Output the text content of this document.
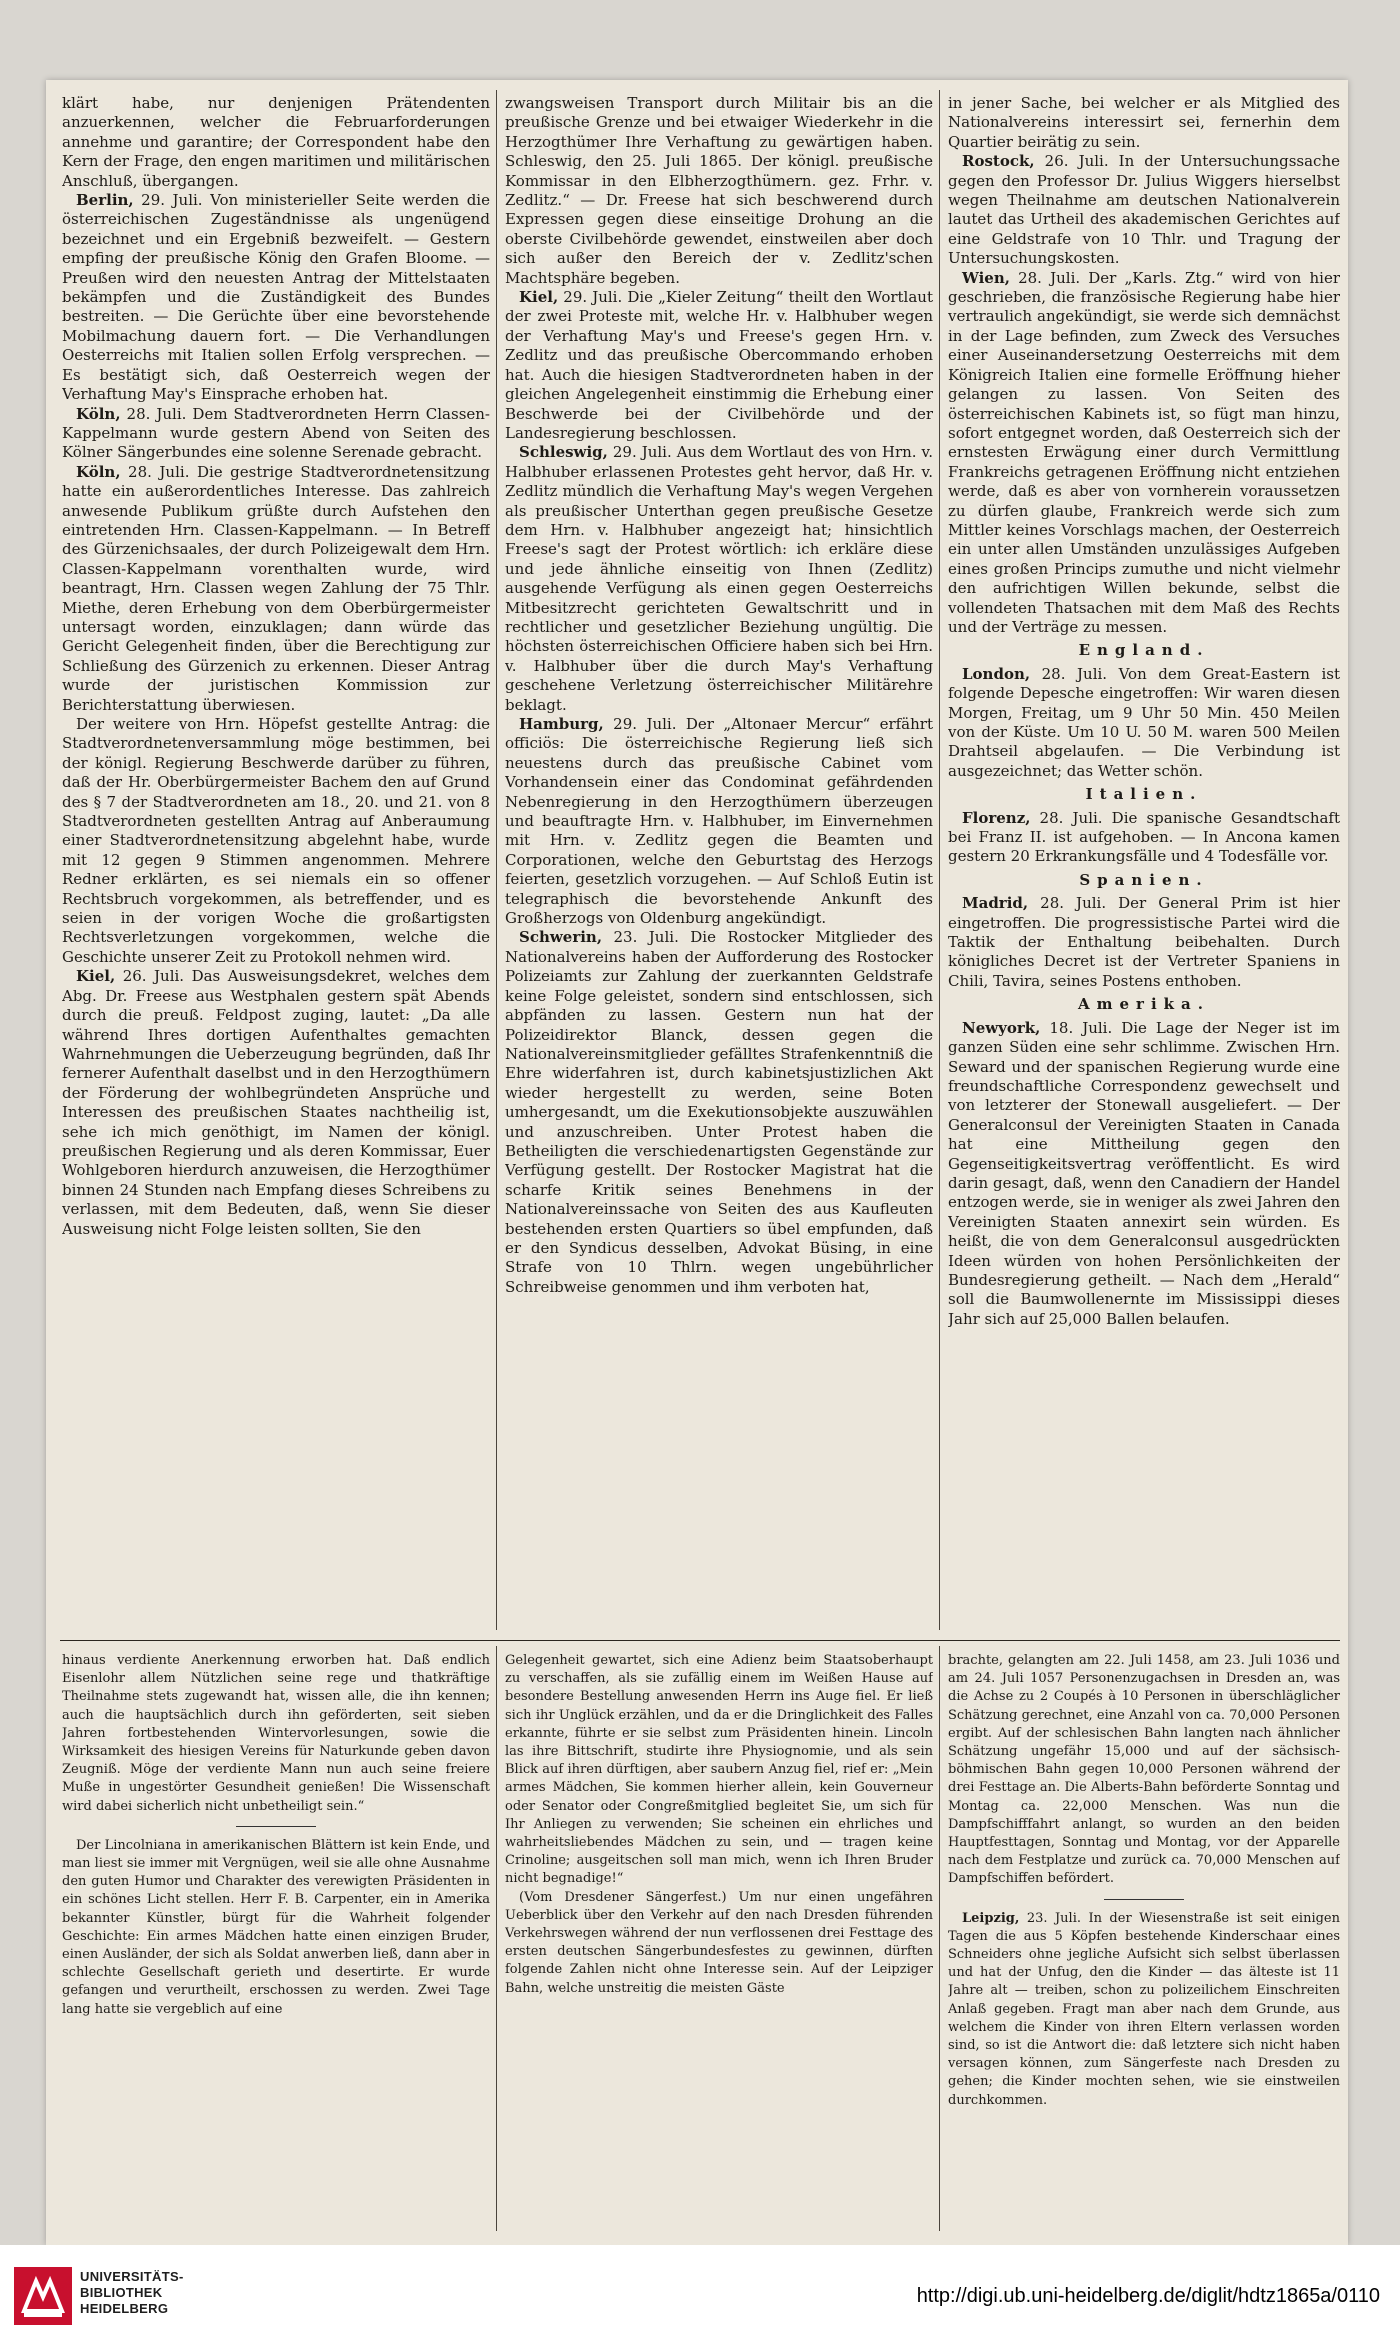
klärt habe, nur denjenigen Prätendenten anzuerkennen, welcher die Februarforderungen annehme und garantire; der Correspondent habe den Kern der Frage, den engen maritimen und militärischen Anschluß, übergangen.

Berlin, 29. Juli. Von ministerieller Seite werden die österreichischen Zugeständnisse als ungenügend bezeichnet und ein Ergebniß bezweifelt. — Gestern empfing der preußische König den Grafen Bloome. — Preußen wird den neuesten Antrag der Mittelstaaten bekämpfen und die Zuständigkeit des Bundes bestreiten. — Die Gerüchte über eine bevorstehende Mobilmachung dauern fort. — Die Verhandlungen Oesterreichs mit Italien sollen Erfolg versprechen. — Es bestätigt sich, daß Oesterreich wegen der Verhaftung May's Einsprache erhoben hat.

Köln, 28. Juli. Dem Stadtverordneten Herrn Classen-Kappelmann wurde gestern Abend von Seiten des Kölner Sängerbundes eine solenne Serenade gebracht.

Köln, 28. Juli. Die gestrige Stadtverordnetensitzung hatte ein außerordentliches Interesse. Das zahlreich anwesende Publikum grüßte durch Aufstehen den eintretenden Hrn. Classen-Kappelmann. — In Betreff des Gürzenichsaales, der durch Polizeigewalt dem Hrn. Classen-Kappelmann vorenthalten wurde, wird beantragt, Hrn. Classen wegen Zahlung der 75 Thlr. Miethe, deren Erhebung von dem Oberbürgermeister untersagt worden, einzuklagen; dann würde das Gericht Gelegenheit finden, über die Berechtigung zur Schließung des Gürzenich zu erkennen. Dieser Antrag wurde der juristischen Kommission zur Berichterstattung überwiesen.

Der weitere von Hrn. Höpefst gestellte Antrag: die Stadtverordnetenversammlung möge bestimmen, bei der königl. Regierung Beschwerde darüber zu führen, daß der Hr. Oberbürgermeister Bachem den auf Grund des § 7 der Stadtverordneten am 18., 20. und 21. von 8 Stadtverordneten gestellten Antrag auf Anberaumung einer Stadtverordnetensitzung abgelehnt habe, wurde mit 12 gegen 9 Stimmen angenommen. Mehrere Redner erklärten, es sei niemals ein so offener Rechtsbruch vorgekommen, als betreffender, und es seien in der vorigen Woche die großartigsten Rechtsverletzungen vorgekommen, welche die Geschichte unserer Zeit zu Protokoll nehmen wird.

Kiel, 26. Juli. Das Ausweisungsdekret, welches dem Abg. Dr. Freese aus Westphalen gestern spät Abends durch die preuß. Feldpost zuging, lautet: „Da alle während Ihres dortigen Aufenthaltes gemachten Wahrnehmungen die Ueberzeugung begründen, daß Ihr fernerer Aufenthalt daselbst und in den Herzogthümern der Förderung der wohlbegründeten Ansprüche und Interessen des preußischen Staates nachtheilig ist, sehe ich mich genöthigt, im Namen der königl. preußischen Regierung und als deren Kommissar, Euer Wohlgeboren hierdurch anzuweisen, die Herzogthümer binnen 24 Stunden nach Empfang dieses Schreibens zu verlassen, mit dem Bedeuten, daß, wenn Sie dieser Ausweisung nicht Folge leisten sollten, Sie den

zwangsweisen Transport durch Militair bis an die preußische Grenze und bei etwaiger Wiederkehr in die Herzogthümer Ihre Verhaftung zu gewärtigen haben. Schleswig, den 25. Juli 1865. Der königl. preußische Kommissar in den Elbherzogthümern. gez. Frhr. v. Zedlitz.“ — Dr. Freese hat sich beschwerend durch Expressen gegen diese einseitige Drohung an die oberste Civilbehörde gewendet, einstweilen aber doch sich außer den Bereich der v. Zedlitz'schen Machtsphäre begeben.

Kiel, 29. Juli. Die „Kieler Zeitung“ theilt den Wortlaut der zwei Proteste mit, welche Hr. v. Halbhuber wegen der Verhaftung May's und Freese's gegen Hrn. v. Zedlitz und das preußische Obercommando erhoben hat. Auch die hiesigen Stadtverordneten haben in der gleichen Angelegenheit einstimmig die Erhebung einer Beschwerde bei der Civilbehörde und der Landesregierung beschlossen.

Schleswig, 29. Juli. Aus dem Wortlaut des von Hrn. v. Halbhuber erlassenen Protestes geht hervor, daß Hr. v. Zedlitz mündlich die Verhaftung May's wegen Vergehen als preußischer Unterthan gegen preußische Gesetze dem Hrn. v. Halbhuber angezeigt hat; hinsichtlich Freese's sagt der Protest wörtlich: ich erkläre diese und jede ähnliche einseitig von Ihnen (Zedlitz) ausgehende Verfügung als einen gegen Oesterreichs Mitbesitzrecht gerichteten Gewaltschritt und in rechtlicher und gesetzlicher Beziehung ungültig. Die höchsten österreichischen Officiere haben sich bei Hrn. v. Halbhuber über die durch May's Verhaftung geschehene Verletzung österreichischer Militärehre beklagt.

Hamburg, 29. Juli. Der „Altonaer Mercur“ erfährt officiös: Die österreichische Regierung ließ sich neuestens durch das preußische Cabinet vom Vorhandensein einer das Condominat gefährdenden Nebenregierung in den Herzogthümern überzeugen und beauftragte Hrn. v. Halbhuber, im Einvernehmen mit Hrn. v. Zedlitz gegen die Beamten und Corporationen, welche den Geburtstag des Herzogs feierten, gesetzlich vorzugehen. — Auf Schloß Eutin ist telegraphisch die bevorstehende Ankunft des Großherzogs von Oldenburg angekündigt.

Schwerin, 23. Juli. Die Rostocker Mitglieder des Nationalvereins haben der Aufforderung des Rostocker Polizeiamts zur Zahlung der zuerkannten Geldstrafe keine Folge geleistet, sondern sind entschlossen, sich abpfänden zu lassen. Gestern nun hat der Polizeidirektor Blanck, dessen gegen die Nationalvereinsmitglieder gefälltes Strafenkenntniß die Ehre widerfahren ist, durch kabinetsjustizlichen Akt wieder hergestellt zu werden, seine Boten umhergesandt, um die Exekutionsobjekte auszuwählen und anzuschreiben. Unter Protest haben die Betheiligten die verschiedenartigsten Gegenstände zur Verfügung gestellt. Der Rostocker Magistrat hat die scharfe Kritik seines Benehmens in der Nationalvereinssache von Seiten des aus Kaufleuten bestehenden ersten Quartiers so übel empfunden, daß er den Syndicus desselben, Advokat Büsing, in eine Strafe von 10 Thlrn. wegen ungebührlicher Schreibweise genommen und ihm verboten hat,

in jener Sache, bei welcher er als Mitglied des Nationalvereins interessirt sei, fernerhin dem Quartier beirätig zu sein.

Rostock, 26. Juli. In der Untersuchungssache gegen den Professor Dr. Julius Wiggers hierselbst wegen Theilnahme am deutschen Nationalverein lautet das Urtheil des akademischen Gerichtes auf eine Geldstrafe von 10 Thlr. und Tragung der Untersuchungskosten.

Wien, 28. Juli. Der „Karls. Ztg.“ wird von hier geschrieben, die französische Regierung habe hier vertraulich angekündigt, sie werde sich demnächst in der Lage befinden, zum Zweck des Versuches einer Auseinandersetzung Oesterreichs mit dem Königreich Italien eine formelle Eröffnung hieher gelangen zu lassen. Von Seiten des österreichischen Kabinets ist, so fügt man hinzu, sofort entgegnet worden, daß Oesterreich sich der ernstesten Erwägung einer durch Vermittlung Frankreichs getragenen Eröffnung nicht entziehen werde, daß es aber von vornherein voraussetzen zu dürfen glaube, Frankreich werde sich zum Mittler keines Vorschlags machen, der Oesterreich ein unter allen Umständen unzulässiges Aufgeben eines großen Princips zumuthe und nicht vielmehr den aufrichtigen Willen bekunde, selbst die vollendeten Thatsachen mit dem Maß des Rechts und der Verträge zu messen.

England.

London, 28. Juli. Von dem Great-Eastern ist folgende Depesche eingetroffen: Wir waren diesen Morgen, Freitag, um 9 Uhr 50 Min. 450 Meilen von der Küste. Um 10 U. 50 M. waren 500 Meilen Drahtseil abgelaufen. — Die Verbindung ist ausgezeichnet; das Wetter schön.

Italien.

Florenz, 28. Juli. Die spanische Gesandtschaft bei Franz II. ist aufgehoben. — In Ancona kamen gestern 20 Erkrankungsfälle und 4 Todesfälle vor.

Spanien.

Madrid, 28. Juli. Der General Prim ist hier eingetroffen. Die progressistische Partei wird die Taktik der Enthaltung beibehalten. Durch königliches Decret ist der Vertreter Spaniens in Chili, Tavira, seines Postens enthoben.

Amerika.

Newyork, 18. Juli. Die Lage der Neger ist im ganzen Süden eine sehr schlimme. Zwischen Hrn. Seward und der spanischen Regierung wurde eine freundschaftliche Correspondenz gewechselt und von letzterer der Stonewall ausgeliefert. — Der Generalconsul der Vereinigten Staaten in Canada hat eine Mittheilung gegen den Gegenseitigkeitsvertrag veröffentlicht. Es wird darin gesagt, daß, wenn den Canadiern der Handel entzogen werde, sie in weniger als zwei Jahren den Vereinigten Staaten annexirt sein würden. Es heißt, die von dem Generalconsul ausgedrückten Ideen würden von hohen Persönlichkeiten der Bundesregierung getheilt. — Nach dem „Herald“ soll die Baumwollenernte im Mississippi dieses Jahr sich auf 25,000 Ballen belaufen.

hinaus verdiente Anerkennung erworben hat. Daß endlich Eisenlohr allem Nützlichen seine rege und thatkräftige Theilnahme stets zugewandt hat, wissen alle, die ihn kennen; auch die hauptsächlich durch ihn geförderten, seit sieben Jahren fortbestehenden Wintervorlesungen, sowie die Wirksamkeit des hiesigen Vereins für Naturkunde geben davon Zeugniß. Möge der verdiente Mann nun auch seine freiere Muße in ungestörter Gesundheit genießen! Die Wissenschaft wird dabei sicherlich nicht unbetheiligt sein.“

Der Lincolniana in amerikanischen Blättern ist kein Ende, und man liest sie immer mit Vergnügen, weil sie alle ohne Ausnahme den guten Humor und Charakter des verewigten Präsidenten in ein schönes Licht stellen. Herr F. B. Carpenter, ein in Amerika bekannter Künstler, bürgt für die Wahrheit folgender Geschichte: Ein armes Mädchen hatte einen einzigen Bruder, einen Ausländer, der sich als Soldat anwerben ließ, dann aber in schlechte Gesellschaft gerieth und desertirte. Er wurde gefangen und verurtheilt, erschossen zu werden. Zwei Tage lang hatte sie vergeblich auf eine

Gelegenheit gewartet, sich eine Adienz beim Staatsoberhaupt zu verschaffen, als sie zufällig einem im Weißen Hause auf besondere Bestellung anwesenden Herrn ins Auge fiel. Er ließ sich ihr Unglück erzählen, und da er die Dringlichkeit des Falles erkannte, führte er sie selbst zum Präsidenten hinein. Lincoln las ihre Bittschrift, studirte ihre Physiognomie, und als sein Blick auf ihren dürftigen, aber saubern Anzug fiel, rief er: „Mein armes Mädchen, Sie kommen hierher allein, kein Gouverneur oder Senator oder Congreßmitglied begleitet Sie, um sich für Ihr Anliegen zu verwenden; Sie scheinen ein ehrliches und wahrheitsliebendes Mädchen zu sein, und — tragen keine Crinoline; ausgeitschen soll man mich, wenn ich Ihren Bruder nicht begnadige!“

(Vom Dresdener Sängerfest.) Um nur einen ungefähren Ueberblick über den Verkehr auf den nach Dresden führenden Verkehrswegen während der nun verflossenen drei Festtage des ersten deutschen Sängerbundesfestes zu gewinnen, dürften folgende Zahlen nicht ohne Interesse sein. Auf der Leipziger Bahn, welche unstreitig die meisten Gäste

brachte, gelangten am 22. Juli 1458, am 23. Juli 1036 und am 24. Juli 1057 Personenzugachsen in Dresden an, was die Achse zu 2 Coupés à 10 Personen in überschläglicher Schätzung gerechnet, eine Anzahl von ca. 70,000 Personen ergibt. Auf der schlesischen Bahn langten nach ähnlicher Schätzung ungefähr 15,000 und auf der sächsisch-böhmischen Bahn gegen 10,000 Personen während der drei Festtage an. Die Alberts-Bahn beförderte Sonntag und Montag ca. 22,000 Menschen. Was nun die Dampfschifffahrt anlangt, so wurden an den beiden Hauptfesttagen, Sonntag und Montag, vor der Apparelle nach dem Festplatze und zurück ca. 70,000 Menschen auf Dampfschiffen befördert.

Leipzig, 23. Juli. In der Wiesenstraße ist seit einigen Tagen die aus 5 Köpfen bestehende Kinderschaar eines Schneiders ohne jegliche Aufsicht sich selbst überlassen und hat der Unfug, den die Kinder — das älteste ist 11 Jahre alt — treiben, schon zu polizeilichem Einschreiten Anlaß gegeben. Fragt man aber nach dem Grunde, aus welchem die Kinder von ihren Eltern verlassen worden sind, so ist die Antwort die: daß letztere sich nicht haben versagen können, zum Sängerfeste nach Dresden zu gehen; die Kinder mochten sehen, wie sie einstweilen durchkommen.

UNIVERSITÄTS-
BIBLIOTHEK
HEIDELBERG
http://digi.ub.uni-heidelberg.de/diglit/hdtz1865a/0110
